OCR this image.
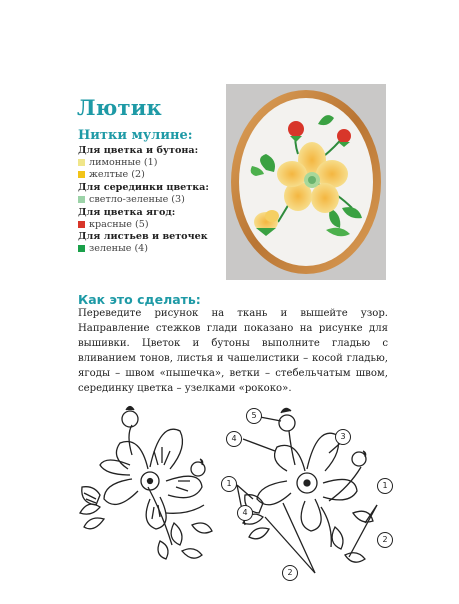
Лютик
Нитки мулине:
Для цветка и бутона:
лимонные (1)
желтые (2)
Для серединки цветка:
светло-зеленые (3)
Для цветка ягод:
красные (5)
Для листьев и веточек
зеленые (4)
Как это сделать:
Переведите рисунок на ткань и вышейте узор. Направление стежков глади показано на рисунке для вышивки. Цветок и бутоны выполните гладью с вливанием тонов, листья и чашелистики – косой гладью, ягоды – швом «пышечка», ветки – стебельчатым швом, серединку цветка – узелками «рококо».
5
4	3
1	1
4
2
2
